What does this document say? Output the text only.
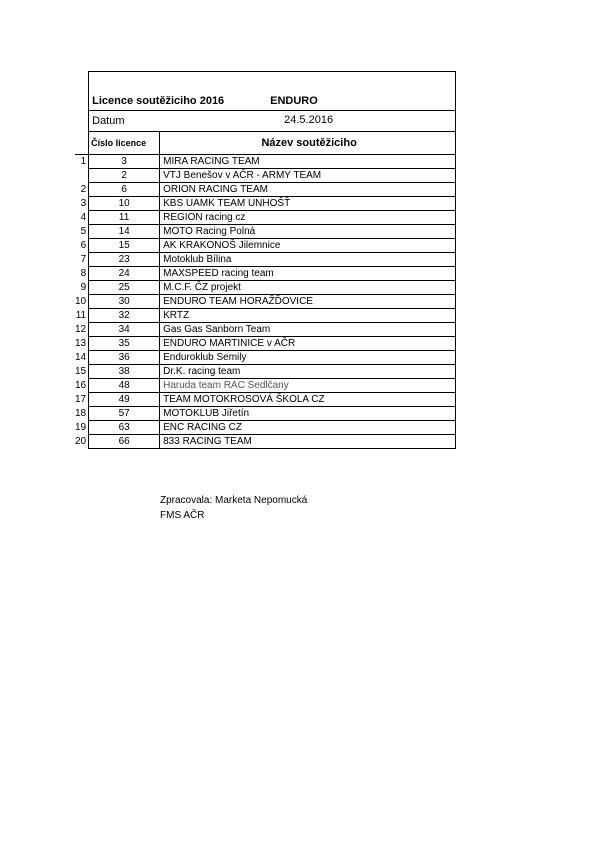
	Licence soutěžiciho 2016 ENDURO	
	Datum 24.5.2016	

	Číslo licence	Název soutěžiciho
1	3	MIRA RACING TEAM
	2	VTJ Benešov v AČR - ARMY TEAM
2	6	ORION RACING TEAM
3	10	KBS UAMK TEAM UNHOŠŤ
4	11	REGION racing cz
5	14	MOTO Racing Polná
6	15	AK KRAKONOŠ Jilemnice
7	23	Motoklub Bílina
8	24	MAXSPEED racing team
9	25	M.C.F. ČZ projekt
10	30	ENDURO TEAM HORAŽĎOVICE
11	32	KRTZ
12	34	Gas Gas Sanborn Team
13	35	ENDURO MARTINICE v AČR
14	36	Enduroklub Semily
15	38	Dr.K. racing team
16	48	Haruda team RAC Sedlčany
17	49	TEAM MOTOKROSOVÁ ŠKOLA CZ
18	57	MOTOKLUB Jiřetín
19	63	ENC RACING CZ
20	66	833 RACING TEAM
Zpracovala: Marketa Nepomucká
FMS AČR
